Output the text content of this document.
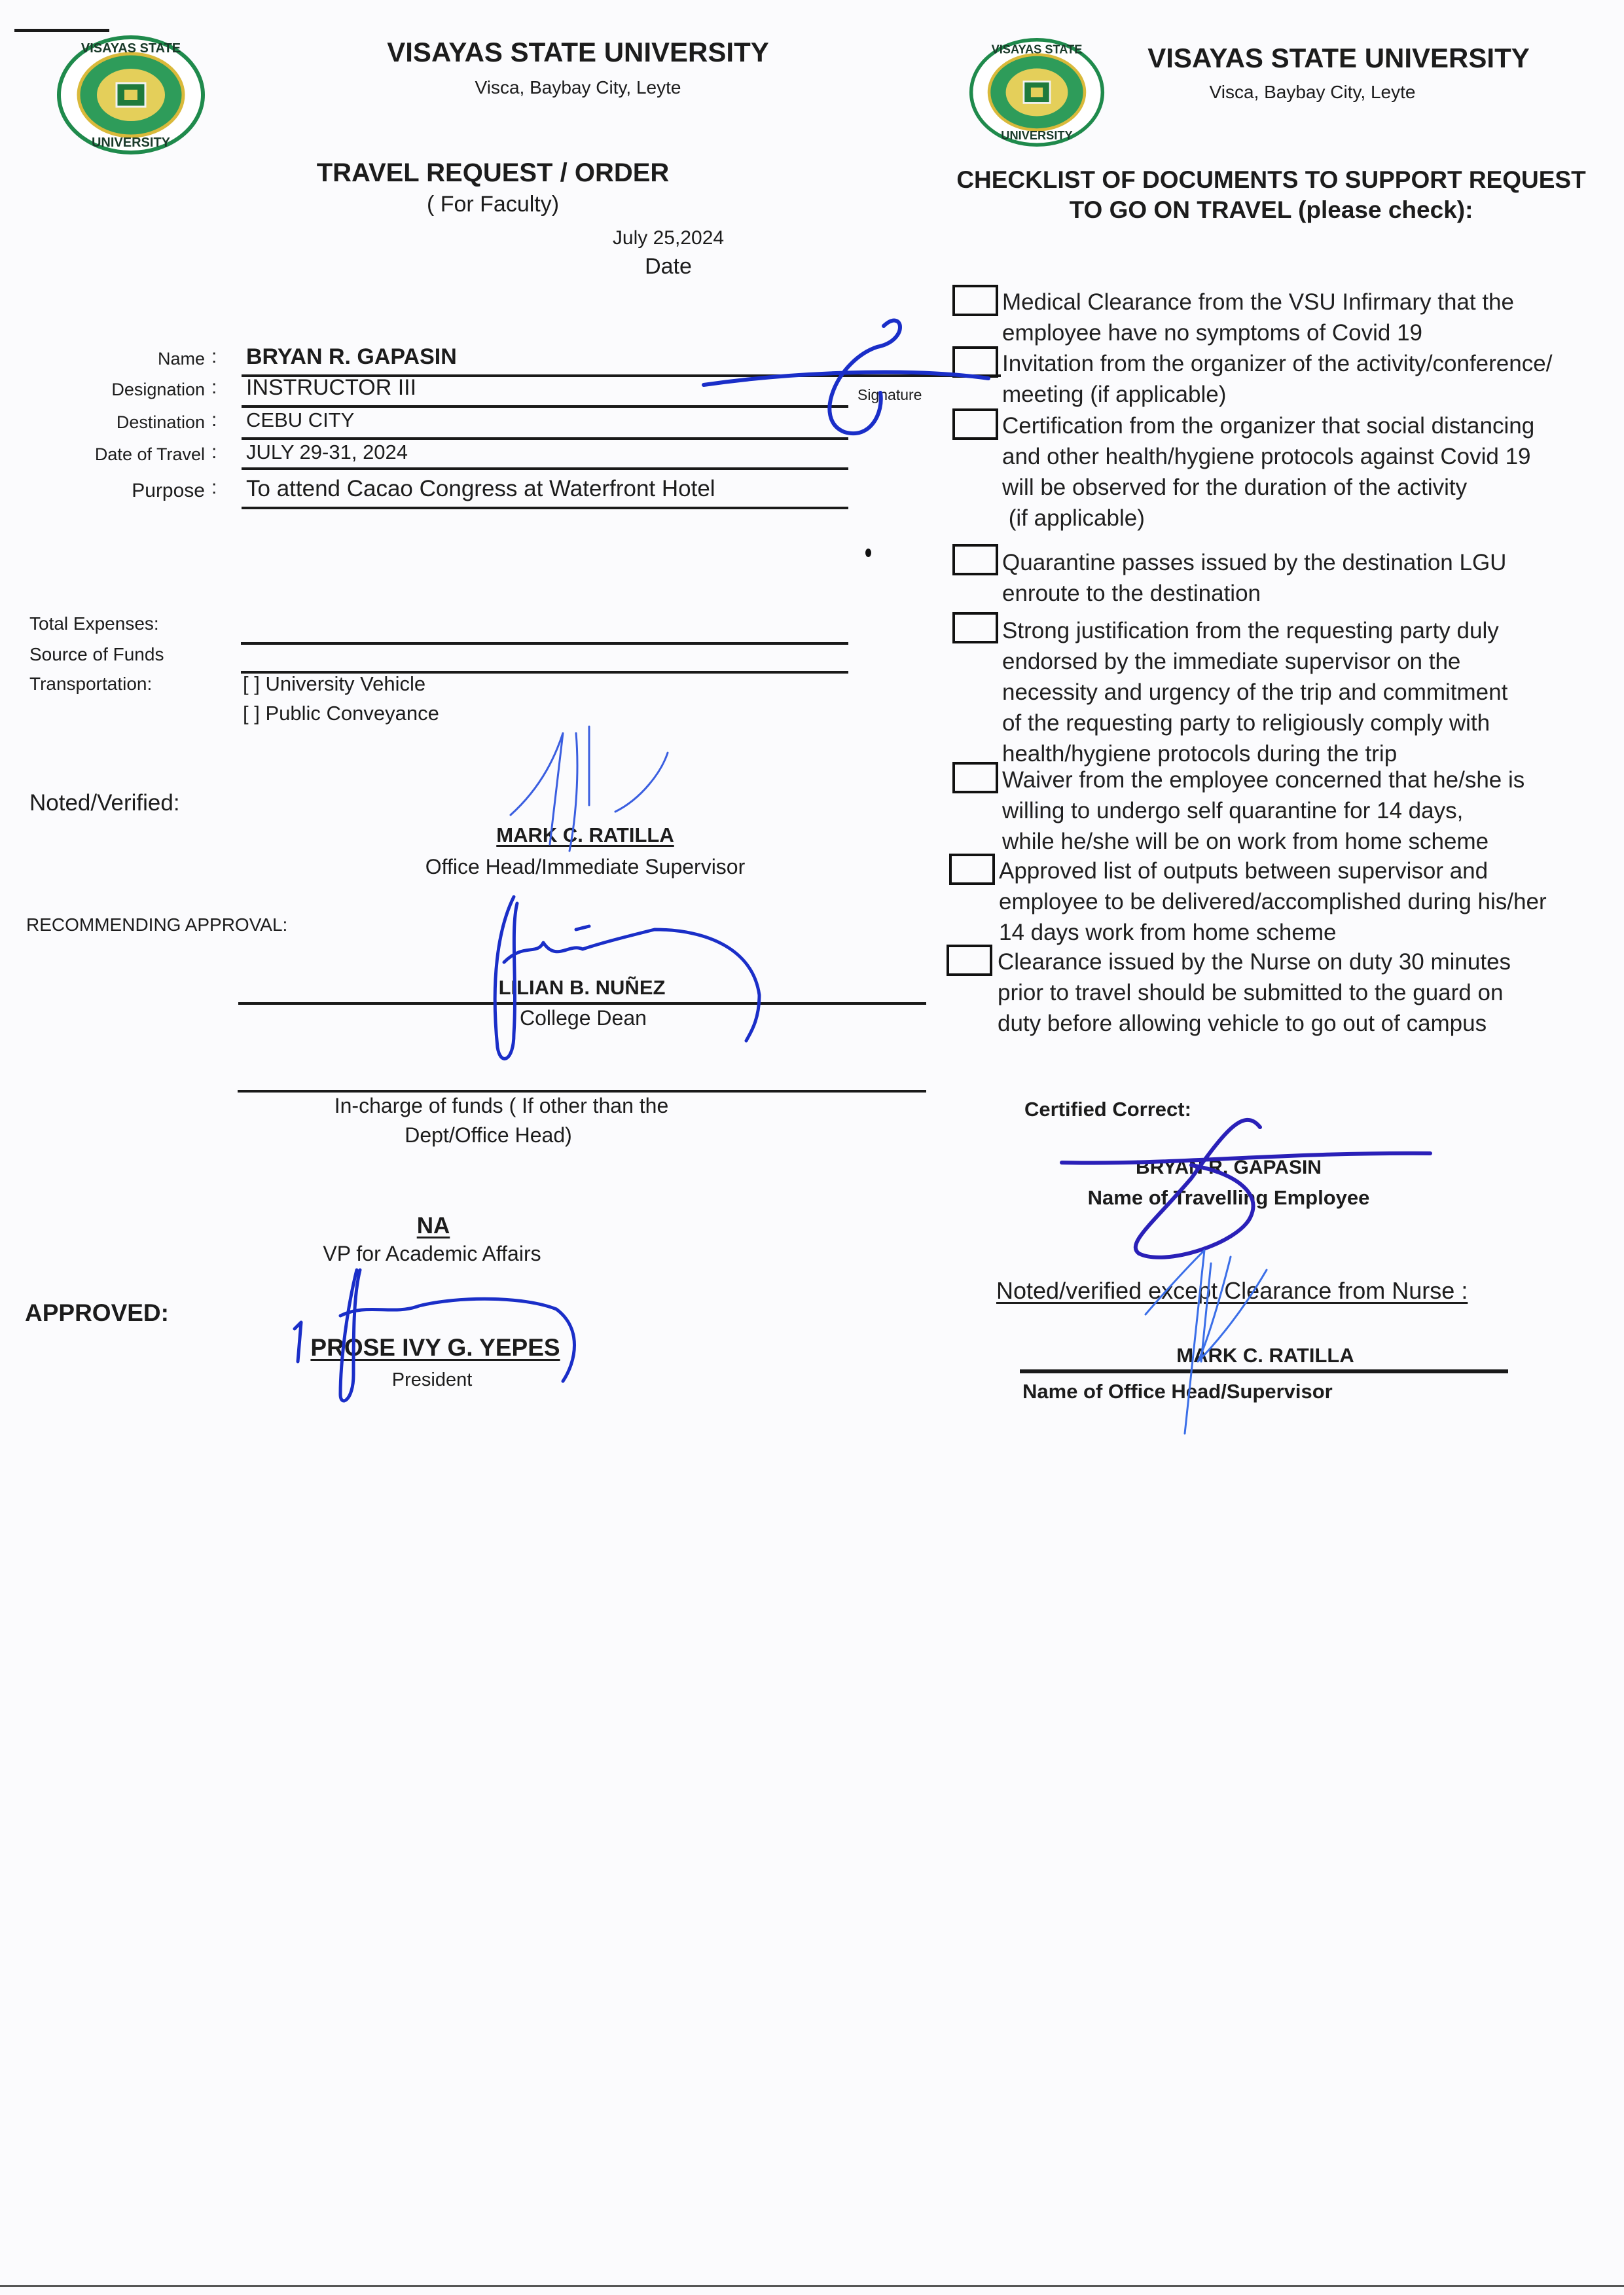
VISAYAS STATE
UNIVERSITY
VISAYAS STATE UNIVERSITY
Visca, Baybay City, Leyte
TRAVEL REQUEST / ORDER
( For Faculty)
July 25,2024
Date
Name : BRYAN R. GAPASIN
Designation : INSTRUCTOR III	Signature
Destination : CEBU CITY
Date of Travel : JULY 29-31, 2024
Purpose : To attend Cacao Congress at Waterfront Hotel
Total Expenses:
Source of Funds
Transportation:	[ ] University Vehicle
[ ] Public Conveyance
Noted/Verified:
MARK C. RATILLA
Office Head/Immediate Supervisor
RECOMMENDING APPROVAL:
LILIAN B. NUÑEZ
College Dean
In-charge of funds ( If other than the
Dept/Office Head)
NA
VP for Academic Affairs
APPROVED:
PROSE IVY G. YEPES
President
VISAYAS STATE
UNIVERSITY
VISAYAS STATE UNIVERSITY
Visca, Baybay City, Leyte
CHECKLIST OF DOCUMENTS TO SUPPORT REQUEST
TO GO ON TRAVEL (please check):
Medical Clearance from the VSU Infirmary that the
employee have no symptoms of Covid 19
Invitation from the organizer of the activity/conference/
meeting (if applicable)
Certification from the organizer that social distancing
and other health/hygiene protocols against Covid 19
will be observed for the duration of the activity
(if applicable)
Quarantine passes issued by the destination LGU
enroute to the destination
Strong justification from the requesting party duly
endorsed by the immediate supervisor on the
necessity and urgency of the trip and commitment
of the requesting party to religiously comply with
health/hygiene protocols during the trip
Waiver from the employee concerned that he/she is
willing to undergo self quarantine for 14 days,
while he/she will be on work from home scheme
Approved list of outputs between supervisor and
employee to be delivered/accomplished during his/her
14 days work from home scheme
Clearance issued by the Nurse on duty 30 minutes
prior to travel should be submitted to the guard on
duty before allowing vehicle to go out of campus
Certified Correct:
BRYAN R. GAPASIN
Name of Travelling Employee
Noted/verified except Clearance from Nurse :
MARK C. RATILLA
Name of Office Head/Supervisor
